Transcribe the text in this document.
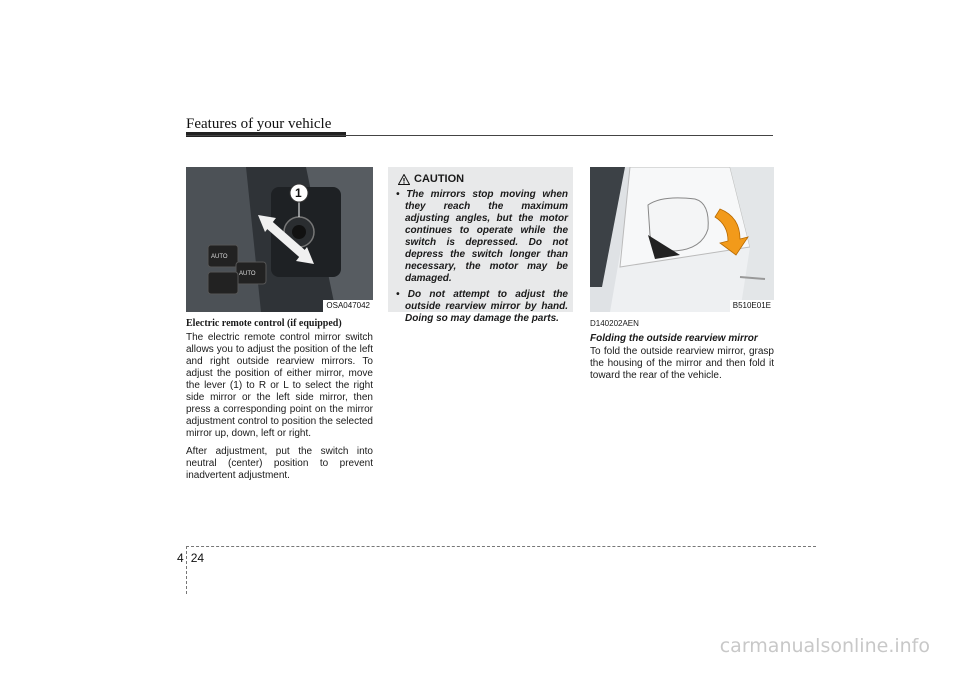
Features of your vehicle
1
AUTO
AUTO
OSA047042
Electric remote control (if equipped)

The electric remote control mirror switch allows you to adjust the position of the left and right outside rearview mirrors. To adjust the position of either mirror, move the lever (1) to R or L to select the right side mirror or the left side mirror, then press a corresponding point on the mirror adjustment control to position the selected mirror up, down, left or right.

After adjustment, put the switch into neutral (center) position to prevent inadvertent adjustment.

CAUTION
• The mirrors stop moving when they reach the maximum adjusting angles, but the motor continues to operate while the switch is depressed. Do not depress the switch longer than necessary, the motor may be damaged.
• Do not attempt to adjust the outside rearview mirror by hand. Doing so may damage the parts.
B510E01E
D140202AEN
Folding the outside rearview mirror

To fold the outside rearview mirror, grasp the housing of the mirror and then fold it toward the rear of the vehicle.

4 24
carmanualsonline.info
